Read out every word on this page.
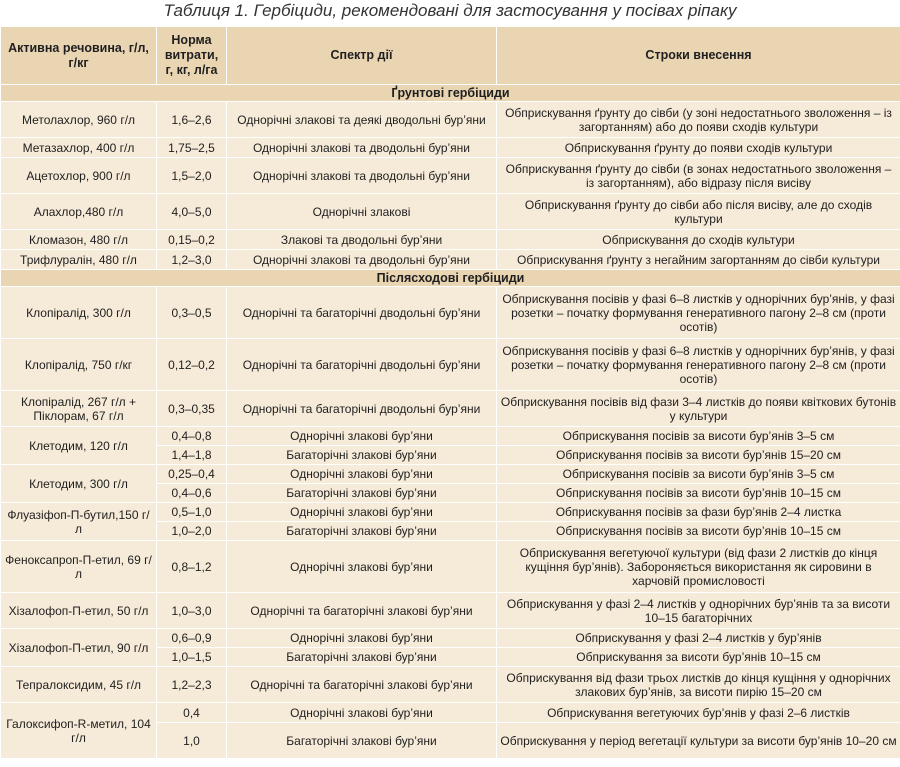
Таблиця 1. Гербіциди, рекомендовані для застосування у посівах ріпаку
Активна речовина, г/л, г/кг	Норма витрати, г, кг, л/га	Спектр дії	Строки внесення
Ґрунтові гербіциди			
Метолахлор, 960 г/л	1,6–2,6	Однорічні злакові та деякі дводольні бур’яни	Обприскування ґрунту до сівби (у зоні недостатнього зволоження – із загортанням) або до появи сходів культури
Метазахлор, 400 г/л	1,75–2,5	Однорічні злакові та дводольні бур’яни	Обприскування ґрунту до появи сходів культури
Ацетохлор, 900 г/л	1,5–2,0	Однорічні злакові та дводольні бур’яни	Обприскування ґрунту до сівби (в зонах недостатнього зволоження – із загортанням), або відразу після висіву
Алахлор,480 г/л	4,0–5,0	Однорічні злакові	Обприскування ґрунту до сівби або після висіву, але до сходів культури
Кломазон, 480 г/л	0,15–0,2	Злакові та дводольні бур’яни	Обприскування до сходів культури
Трифлуралін, 480 г/л	1,2–3,0	Однорічні злакові та дводольні бур’яни	Обприскування ґрунту з негайним загортанням до сівби культури
Післясходові гербіциди			
Клопіралід, 300 г/л	0,3–0,5	Однорічні та багаторічні дводольні бур’яни	Обприскування посівів у фазі 6–8 листків у однорічних бур’янів, у фазі розетки – початку формування генеративного пагону 2–8 см (проти осотів)
Клопіралід, 750 г/кг	0,12–0,2	Однорічні та багаторічні дводольні бур’яни	Обприскування посівів у фазі 6–8 листків у однорічних бур’янів, у фазі розетки – початку формування генеративного пагону 2–8 см (проти осотів)
Клопіралід, 267 г/л + Піклорам, 67 г/л	0,3–0,35	Однорічні та багаторічні дводольні бур’яни	Обприскування посівів від фази 3–4 листків до появи квіткових бутонів у культури
Клетодим, 120 г/л	0,4–0,8	Однорічні злакові бур’яни	Обприскування посівів за висоти бур’янів 3–5 см
	1,4–1,8	Багаторічні злакові бур’яни	Обприскування посівів за висоти бур’янів 15–20 см
Клетодим, 300 г/л	0,25–0,4	Однорічні злакові бур’яни	Обприскування посівів за висоти бур’янів 3–5 см
	0,4–0,6	Багаторічні злакові бур’яни	Обприскування посівів за висоти бур’янів 10–15 см
Флуазіфоп-П-бутил,150 г/л	0,5–1,0	Однорічні злакові бур’яни	Обприскування посівів за фази бур’янів 2–4 листка
	1,0–2,0	Багаторічні злакові бур’яни	Обприскування посівів за висоти бур’янів 10–15 см
Феноксапроп-П-етил, 69 г/л	0,8–1,2	Однорічні злакові бур’яни	Обприскування вегетуючої культури (від фази 2 листків до кінця кущіння бур’янів). Забороняється використання як сировини в харчовій промисловості
Хізалофоп-П-етил, 50 г/л	1,0–3,0	Однорічні та багаторічні злакові бур’яни	Обприскування у фазі 2–4 листків у однорічних бур’янів та за висоти 10–15 багаторічних
Хізалофоп-П-етил, 90 г/л	0,6–0,9	Однорічні злакові бур’яни	Обприскування у фазі 2–4 листків у бур’янів
	1,0–1,5	Багаторічні злакові бур’яни	Обприскування за висоти бур’янів 10–15 см
Тепралоксидим, 45 г/л	1,2–2,3	Однорічні та багаторічні злакові бур’яни	Обприскування від фази трьох листків до кінця кущіння у однорічних злакових бур’янів, за висоти пирію 15–20 см
Галоксифоп-R-метил, 104 г/л	0,4	Однорічні злакові бур’яни	Обприскування вегетуючих бур’янів у фазі 2–6 листків
	1,0	Багаторічні злакові бур’яни	Обприскування у період вегетації культури за висоти бур’янів 10–20 см
